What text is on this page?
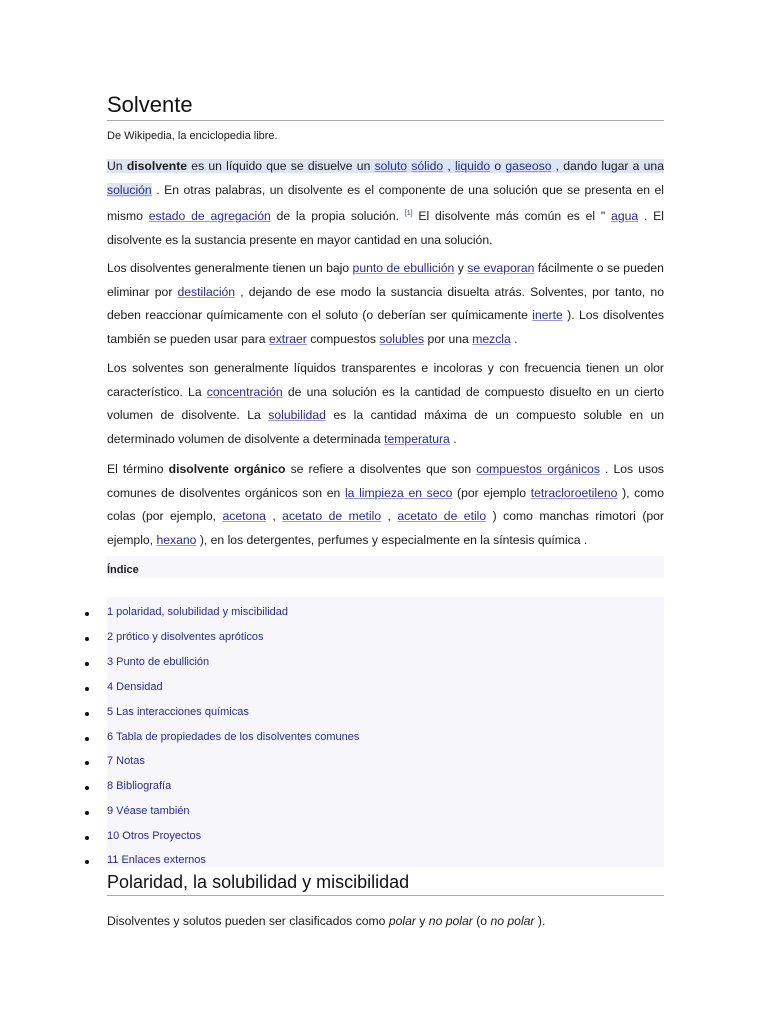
Solvente
De Wikipedia, la enciclopedia libre.

Un disolvente es un líquido que se disuelve un soluto sólido , liquido o gaseoso , dando lugar a una solución . En otras palabras, un disolvente es el componente de una solución que se presenta en el mismo estado de agregación de la propia solución. [1] El disolvente más común es el " agua . El disolvente es la sustancia presente en mayor cantidad en una solución.

Los disolventes generalmente tienen un bajo punto de ebullición y se evaporan fácilmente o se pueden eliminar por destilación , dejando de ese modo la sustancia disuelta atrás. Solventes, por tanto, no deben reaccionar químicamente con el soluto (o deberían ser químicamente inerte ). Los disolventes también se pueden usar para extraer compuestos solubles por una mezcla .

Los solventes son generalmente líquidos transparentes e incoloras y con frecuencia tienen un olor característico. La concentración de una solución es la cantidad de compuesto disuelto en un cierto volumen de disolvente. La solubilidad es la cantidad máxima de un compuesto soluble en un determinado volumen de disolvente a determinada temperatura .

El término disolvente orgánico se refiere a disolventes que son compuestos orgánicos . Los usos comunes de disolventes orgánicos son en la limpieza en seco (por ejemplo tetracloroetileno ), como colas (por ejemplo, acetona , acetato de metilo , acetato de etilo ) como manchas rimotori (por ejemplo, hexano ), en los detergentes, perfumes y especialmente en la síntesis química .

Índice
1 polaridad, solubilidad y miscibilidad
2 prótico y disolventes apróticos
3 Punto de ebullición
4 Densidad
5 Las interacciones químicas
6 Tabla de propiedades de los disolventes comunes
7 Notas
8 Bibliografía
9 Véase también
10 Otros Proyectos
11 Enlaces externos
Polaridad, la solubilidad y miscibilidad
Disolventes y solutos pueden ser clasificados como polar y no polar (o no polar ).
